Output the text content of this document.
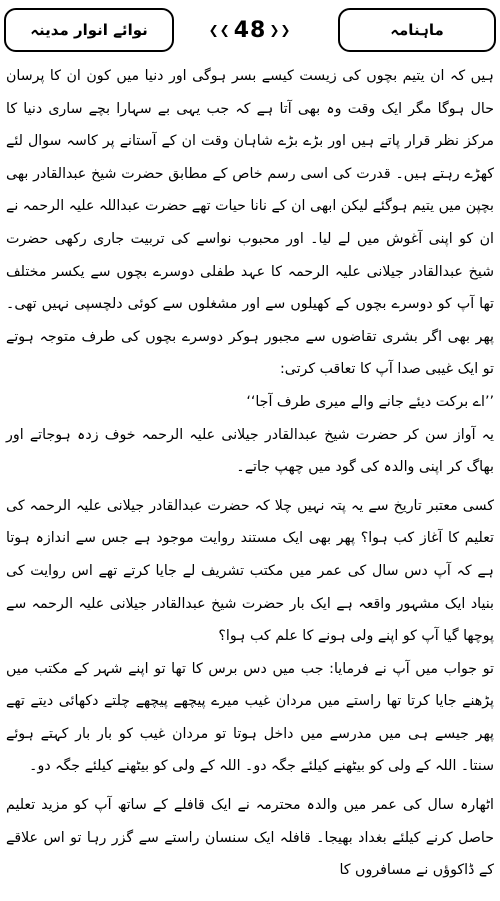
نوائے انوار مدینہ	❮❮ 48 ❯❯	ماہنامہ

ہیں کہ ان یتیم بچوں کی زیست کیسے بسر ہوگی اور دنیا میں کون ان کا پرسان حال ہوگا مگر ایک وقت وہ بھی آتا ہے کہ جب یہی بے سہارا بچے ساری دنیا کا مرکز نظر قرار پاتے ہیں اور بڑے بڑے شاہان وقت ان کے آستانے پر کاسہ سوال لئے کھڑے رہتے ہیں۔ قدرت کی اسی رسم خاص کے مطابق حضرت شیخ عبدالقادر بھی بچپن میں یتیم ہوگئے لیکن ابھی ان کے نانا حیات تھے حضرت عبداللہ علیہ الرحمہ نے ان کو اپنی آغوش میں لے لیا۔ اور محبوب نواسے کی تربیت جاری رکھی حضرت شیخ عبدالقادر جیلانی علیہ الرحمہ کا عہد طفلی دوسرے بچوں سے یکسر مختلف تھا آپ کو دوسرے بچوں کے کھیلوں سے اور مشغلوں سے کوئی دلچسپی نہیں تھی۔ پھر بھی اگر بشری تقاضوں سے مجبور ہوکر دوسرے بچوں کی طرف متوجہ ہوتے تو ایک غیبی صدا آپ کا تعاقب کرتی:

’’اے برکت دیئے جانے والے میری طرف آجا‘‘

یہ آواز سن کر حضرت شیخ عبدالقادر جیلانی علیہ الرحمہ خوف زدہ ہوجاتے اور بھاگ کر اپنی والدہ کی گود میں چھپ جاتے۔

کسی معتبر تاریخ سے یہ پتہ نہیں چلا کہ حضرت عبدالقادر جیلانی علیہ الرحمہ کی تعلیم کا آغاز کب ہوا؟ پھر بھی ایک مستند روایت موجود ہے جس سے اندازہ ہوتا ہے کہ آپ دس سال کی عمر میں مکتب تشریف لے جایا کرتے تھے اس روایت کی بنیاد ایک مشہور واقعہ ہے ایک بار حضرت شیخ عبدالقادر جیلانی علیہ الرحمہ سے پوچھا گیا آپ کو اپنے ولی ہونے کا علم کب ہوا؟

تو جواب میں آپ نے فرمایا: جب میں دس برس کا تھا تو اپنے شہر کے مکتب میں پڑھنے جایا کرتا تھا راستے میں مردان غیب میرے پیچھے پیچھے چلتے دکھائی دیتے تھے پھر جیسے ہی میں مدرسے میں داخل ہوتا تو مردان غیب کو بار بار کہتے ہوئے سنتا۔ اللہ کے ولی کو بیٹھنے کیلئے جگہ دو۔ اللہ کے ولی کو بیٹھنے کیلئے جگہ دو۔

اٹھارہ سال کی عمر میں والدہ محترمہ نے ایک قافلے کے ساتھ آپ کو مزید تعلیم حاصل کرنے کیلئے بغداد بھیجا۔ قافلہ ایک سنسان راستے سے گزر رہا تو اس علاقے کے ڈاکوؤں نے مسافروں کا
